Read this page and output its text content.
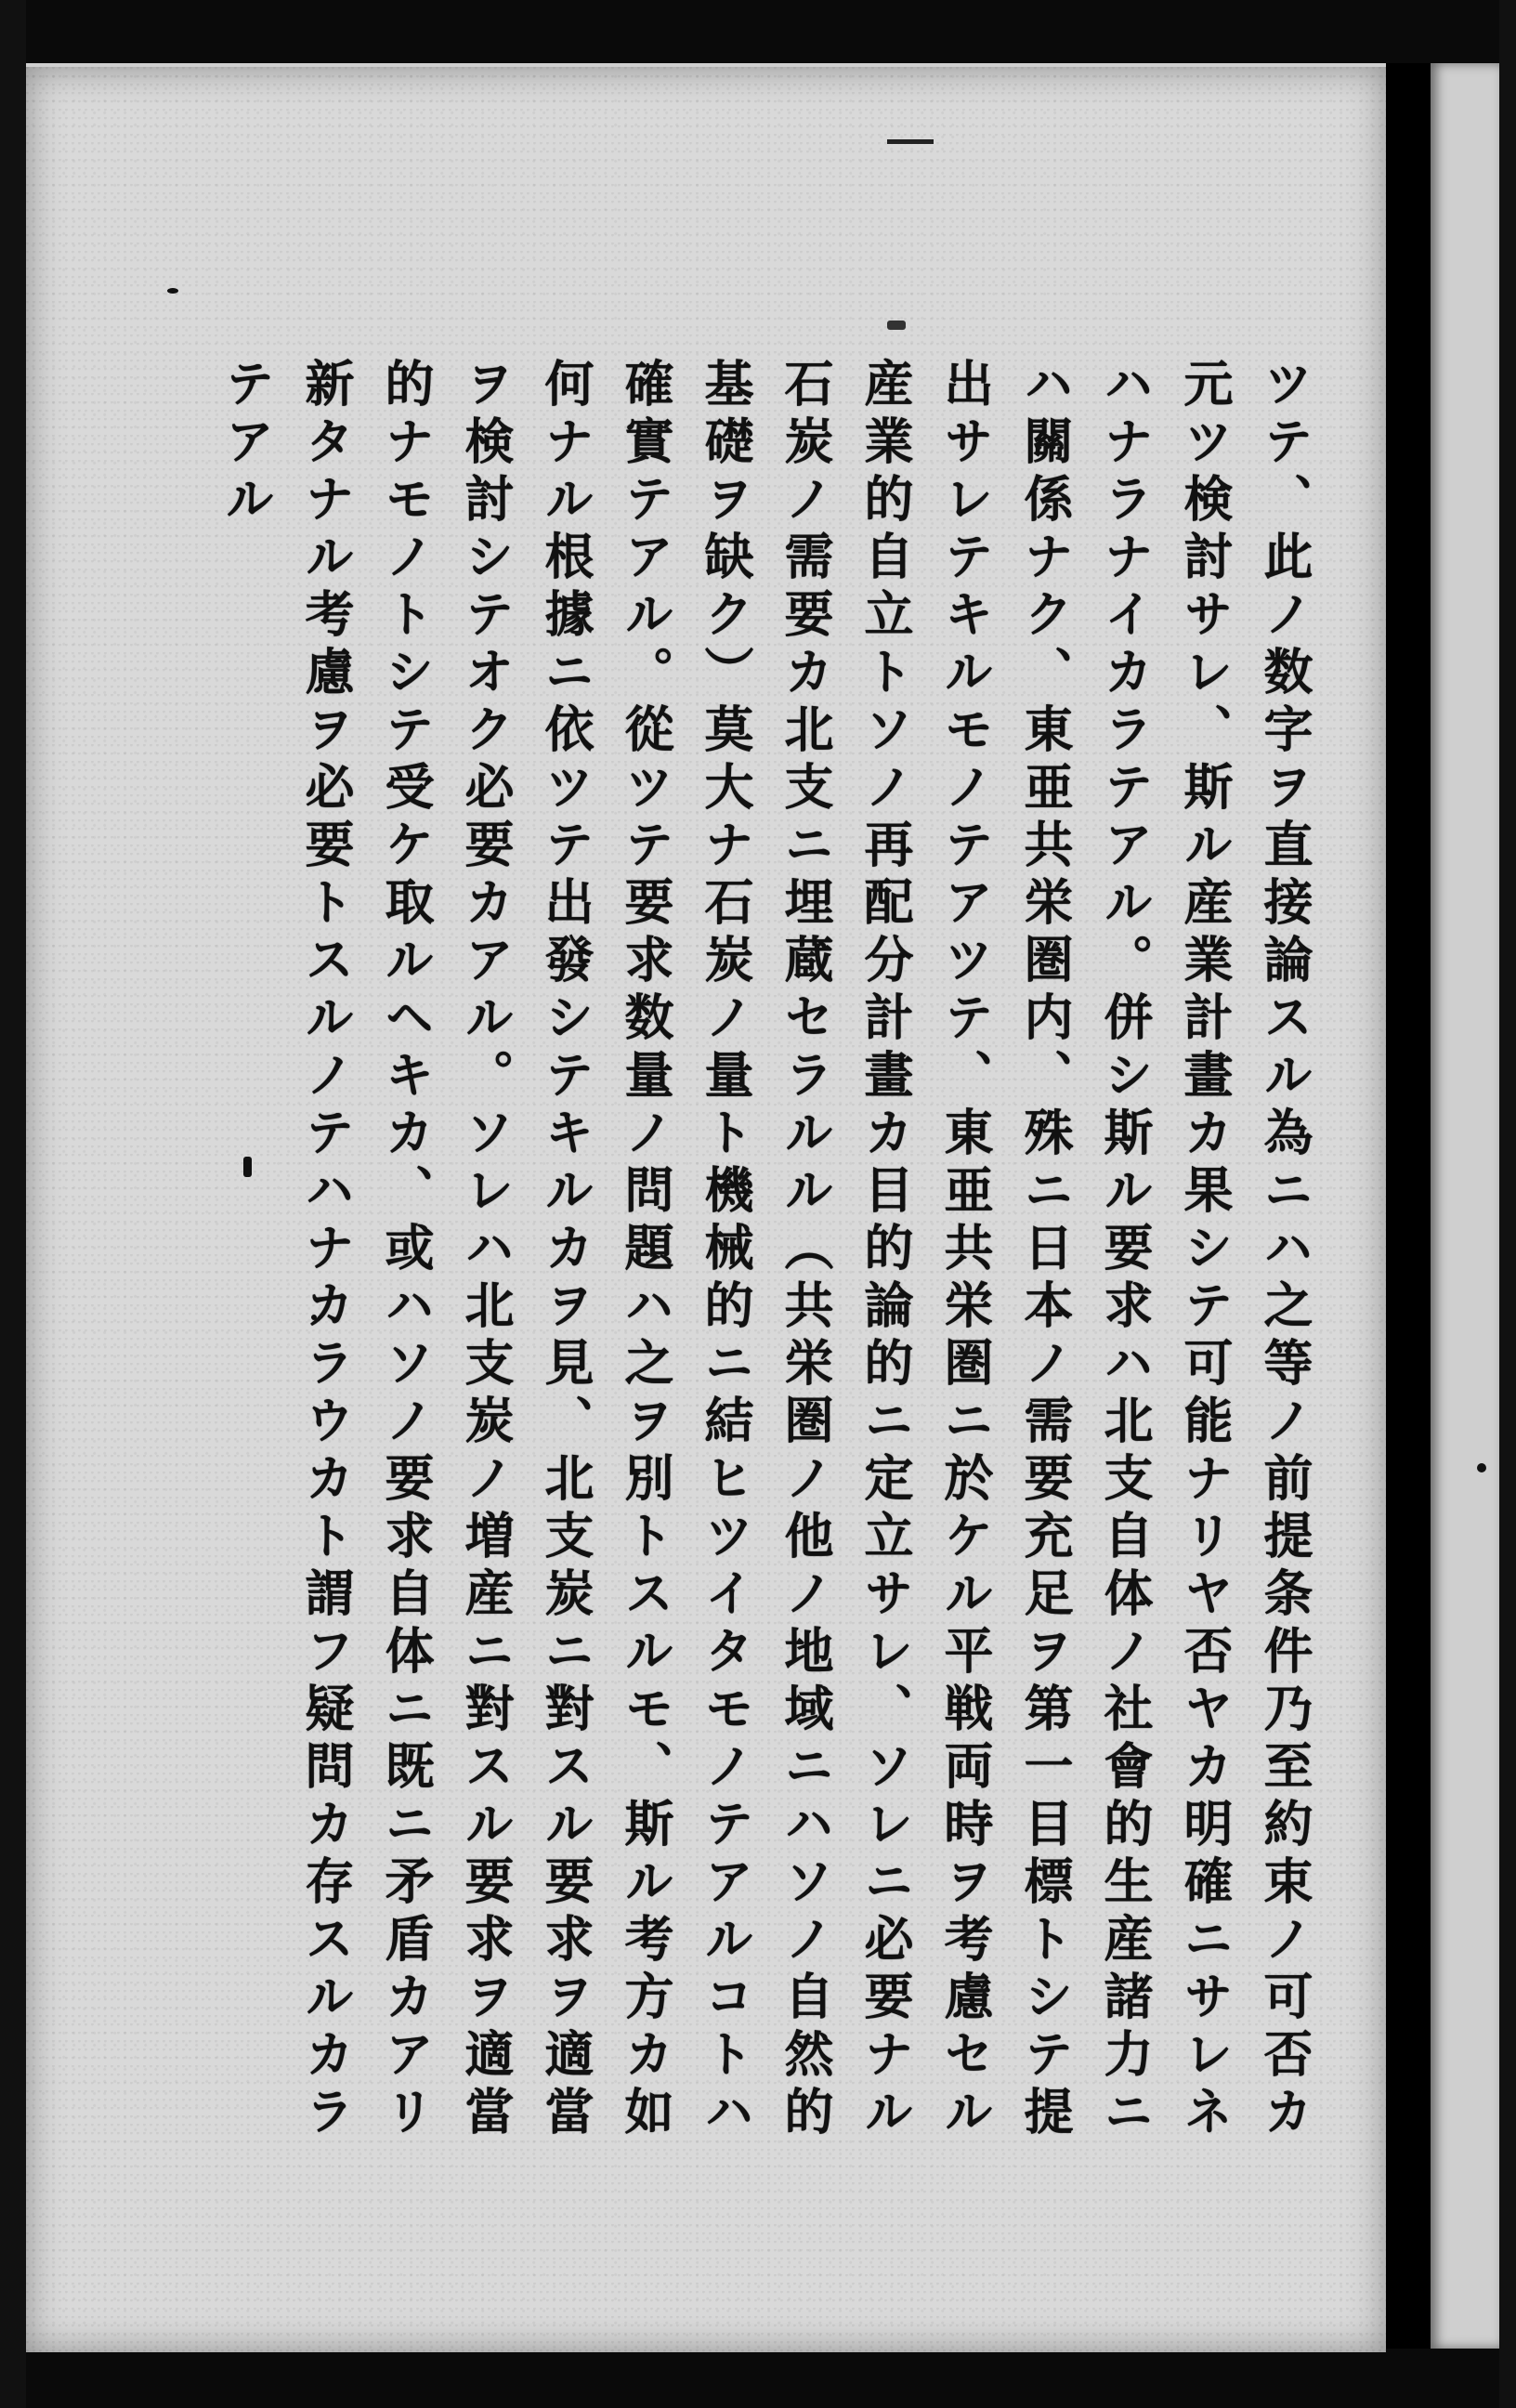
ツテ、此ノ数字ヲ直接論スル為ニハ之等ノ前提条件乃至約束ノ可否カ
元ツ検討サレ、斯ル産業計畫カ果シテ可能ナリヤ否ヤカ明確ニサレネ
ハナラナイカラテアル。併シ斯ル要求ハ北支自体ノ社會的生産諸力ニ
ハ關係ナク、東亜共栄圏内、殊ニ日本ノ需要充足ヲ第一目標トシテ提
出サレテキルモノテアツテ、東亜共栄圏ニ於ケル平戦両時ヲ考慮セル
産業的自立トソノ再配分計畫カ目的論的ニ定立サレ、ソレニ必要ナル
石炭ノ需要カ北支ニ埋蔵セラルル（共栄圏ノ他ノ地域ニハソノ自然的
基礎ヲ缺ク）莫大ナ石炭ノ量ト機械的ニ結ヒツイタモノテアルコトハ
確實テアル。從ツテ要求数量ノ問題ハ之ヲ別トスルモ、斯ル考方カ如
何ナル根據ニ依ツテ出發シテキルカヲ見、北支炭ニ對スル要求ヲ適當
ヲ検討シテオク必要カアル。ソレハ北支炭ノ増産ニ對スル要求ヲ適當
的ナモノトシテ受ケ取ルヘキカ、或ハソノ要求自体ニ既ニ矛盾カアリ
新タナル考慮ヲ必要トスルノテハナカラウカト謂フ疑問カ存スルカラ
テアル
